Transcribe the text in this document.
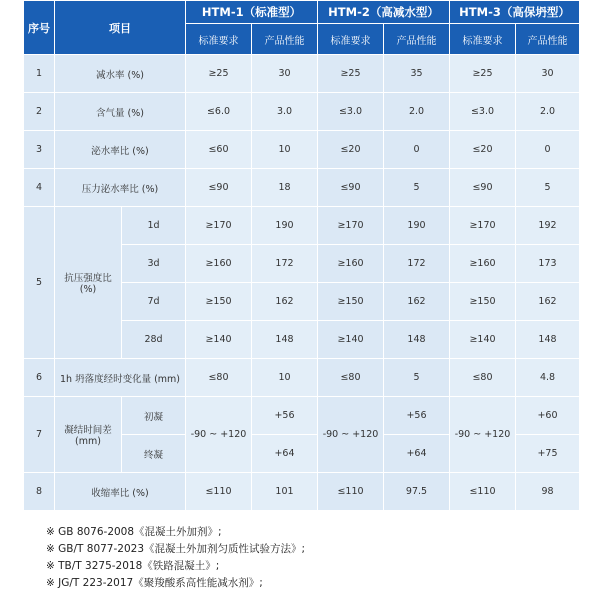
序号	项目		HTM-1（标准型）		HTM-2（高减水型）		HTM-3（高保坍型）	
			标准要求	产品性能	标准要求	产品性能	标准要求	产品性能
1	减水率 (%)		≥25	30	≥25	35	≥25	30
2	含气量 (%)		≤6.0	3.0	≤3.0	2.0	≤3.0	2.0
3	泌水率比 (%)		≤60	10	≤20	0	≤20	0
4	压力泌水率比 (%)		≤90	18	≤90	5	≤90	5
5	抗压强度比 (%)	1d	≥170	190	≥170	190	≥170	192
		3d	≥160	172	≥160	172	≥160	173
		7d	≥150	162	≥150	162	≥150	162
		28d	≥140	148	≥140	148	≥140	148
6	1h 坍落度经时变化量 (mm)		≤80	10	≤80	5	≤80	4.8
7	凝结时间差 (mm)	初凝	-90 ~ +120	+56	-90 ~ +120	+56	-90 ~ +120	+60
		终凝		+64		+64		+75
8	收缩率比 (%)		≤110	101	≤110	97.5	≤110	98
※ GB 8076-2008《混凝土外加剂》;
※ GB/T 8077-2023《混凝土外加剂匀质性试验方法》;
※ TB/T 3275-2018《铁路混凝土》;
※ JG/T 223-2017《聚羧酸系高性能减水剂》;
